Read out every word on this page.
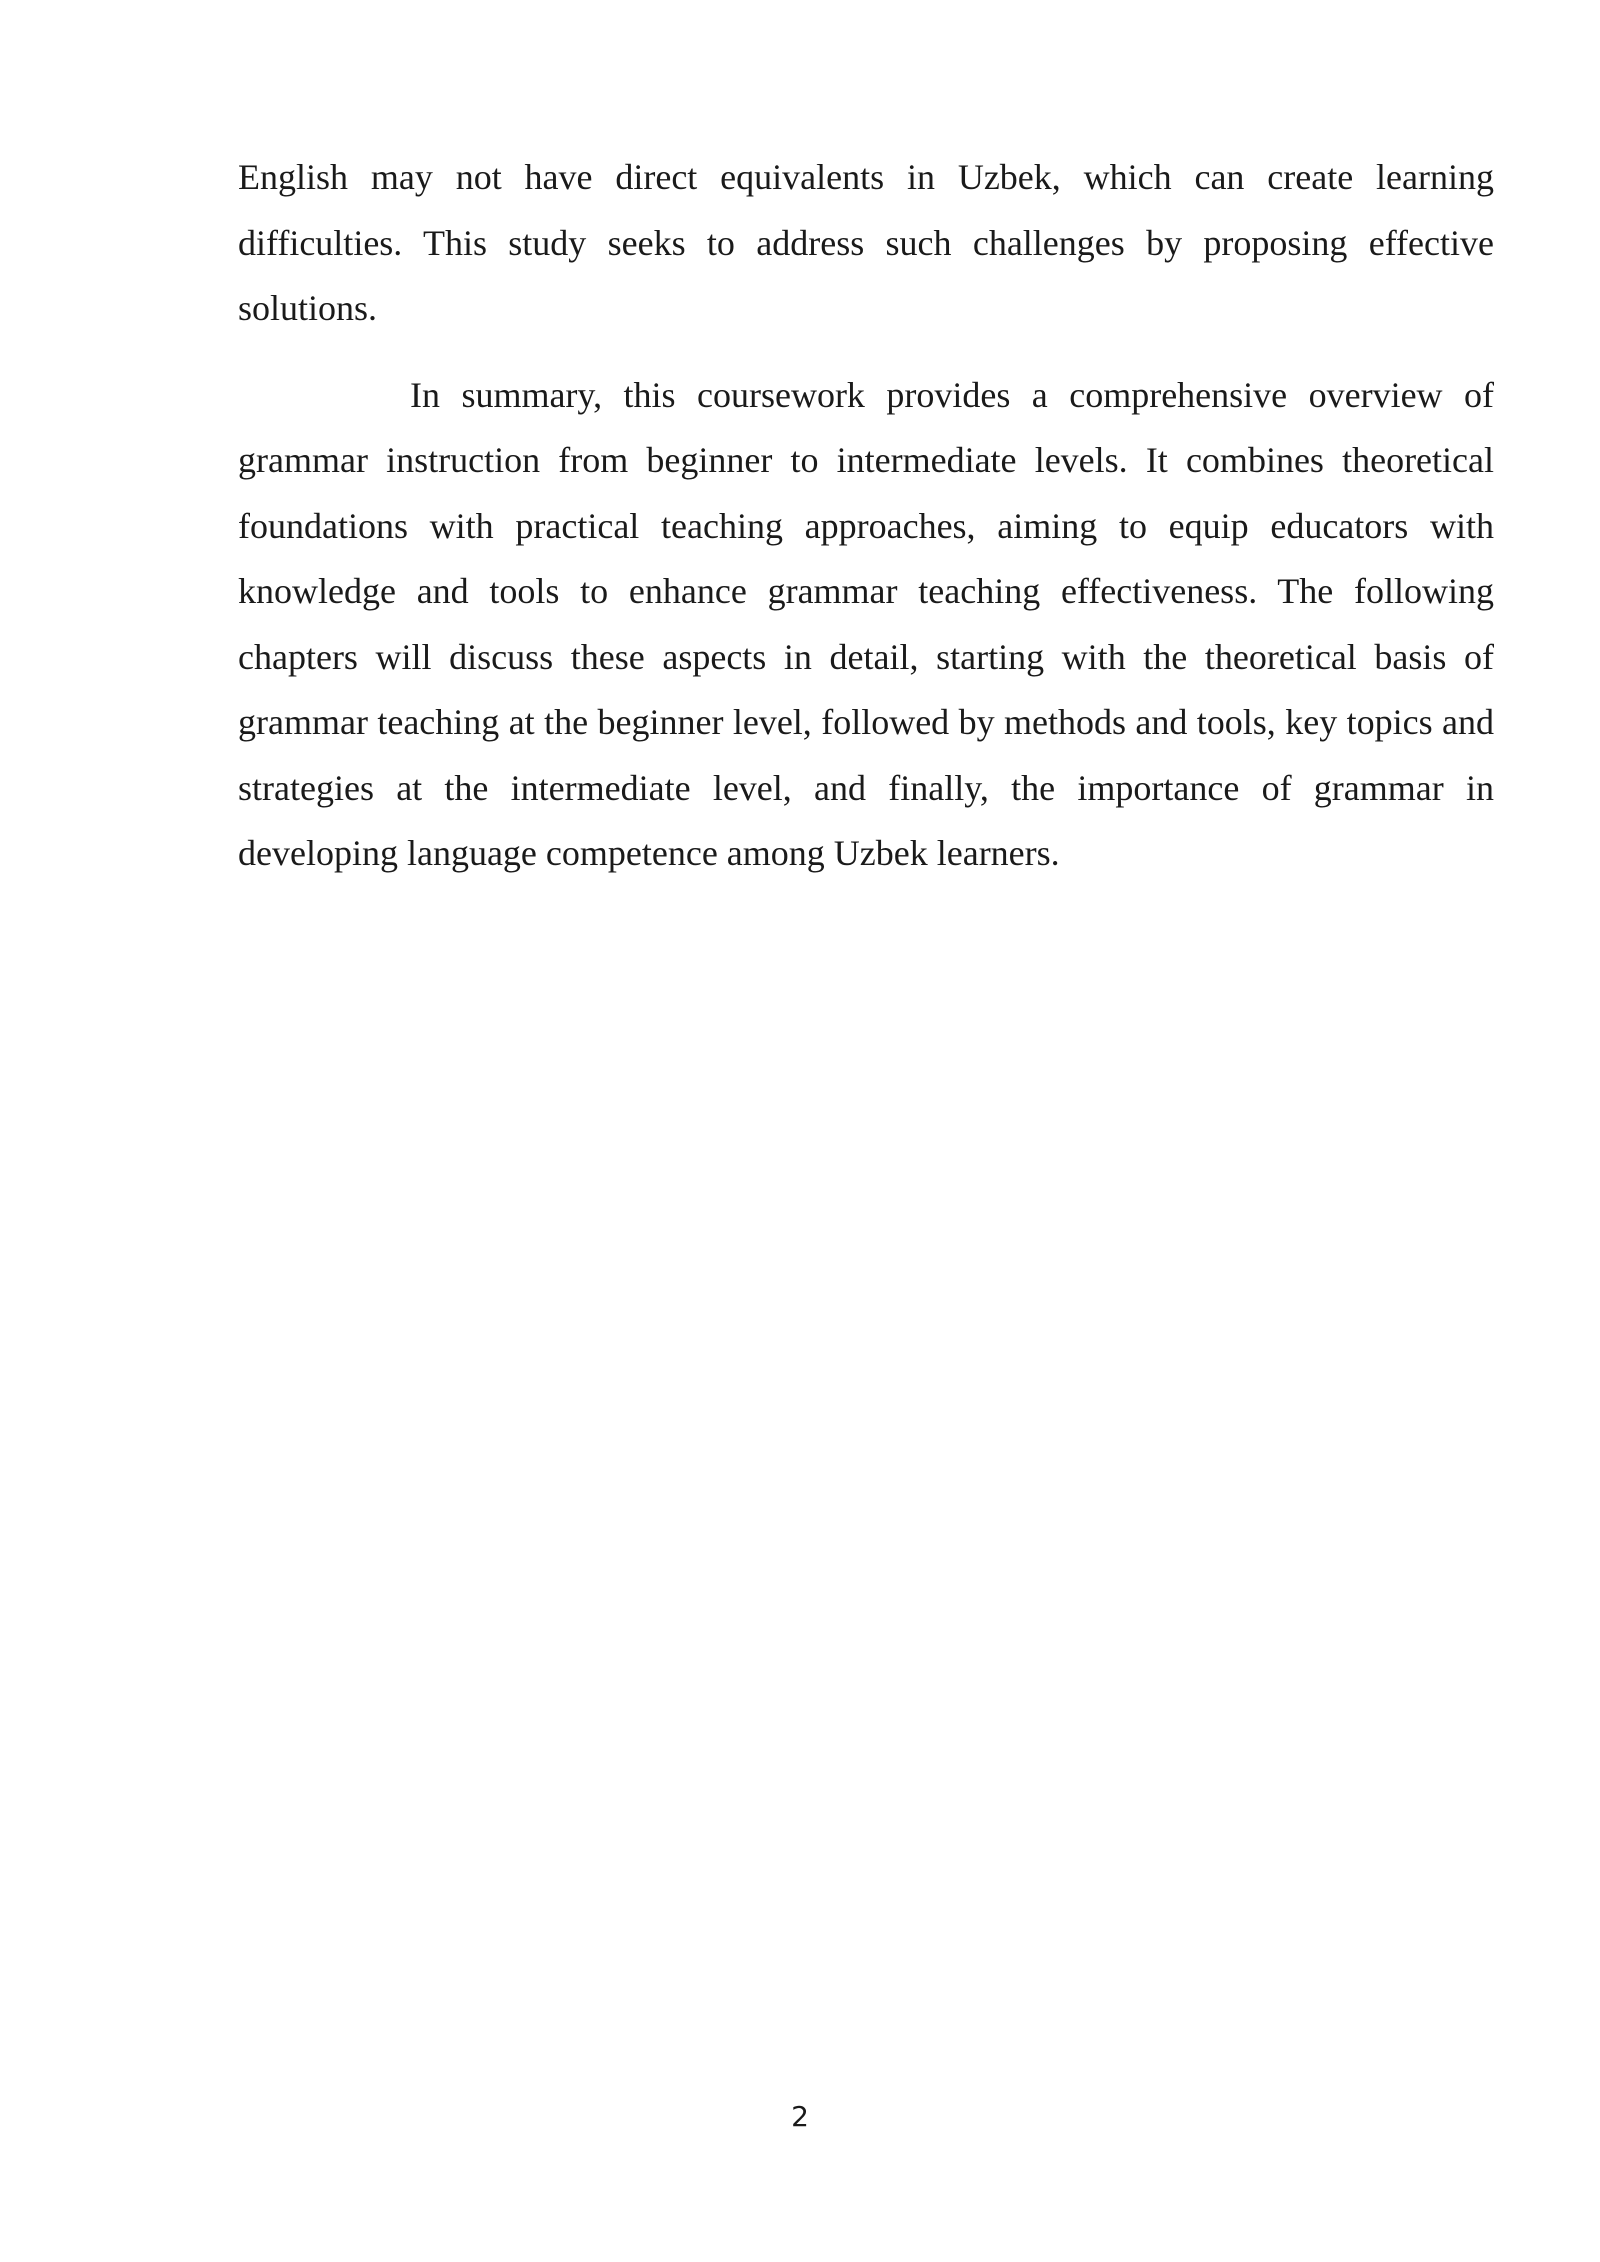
English may not have direct equivalents in Uzbek, which can create learning difficulties. This study seeks to address such challenges by proposing effective solutions.

In summary, this coursework provides a comprehensive overview of grammar instruction from beginner to intermediate levels. It combines theoretical foundations with practical teaching approaches, aiming to equip educators with knowledge and tools to enhance grammar teaching effectiveness. The following chapters will discuss these aspects in detail, starting with the theoretical basis of grammar teaching at the beginner level, followed by methods and tools, key topics and strategies at the intermediate level, and finally, the importance of grammar in developing language competence among Uzbek learners.

2
